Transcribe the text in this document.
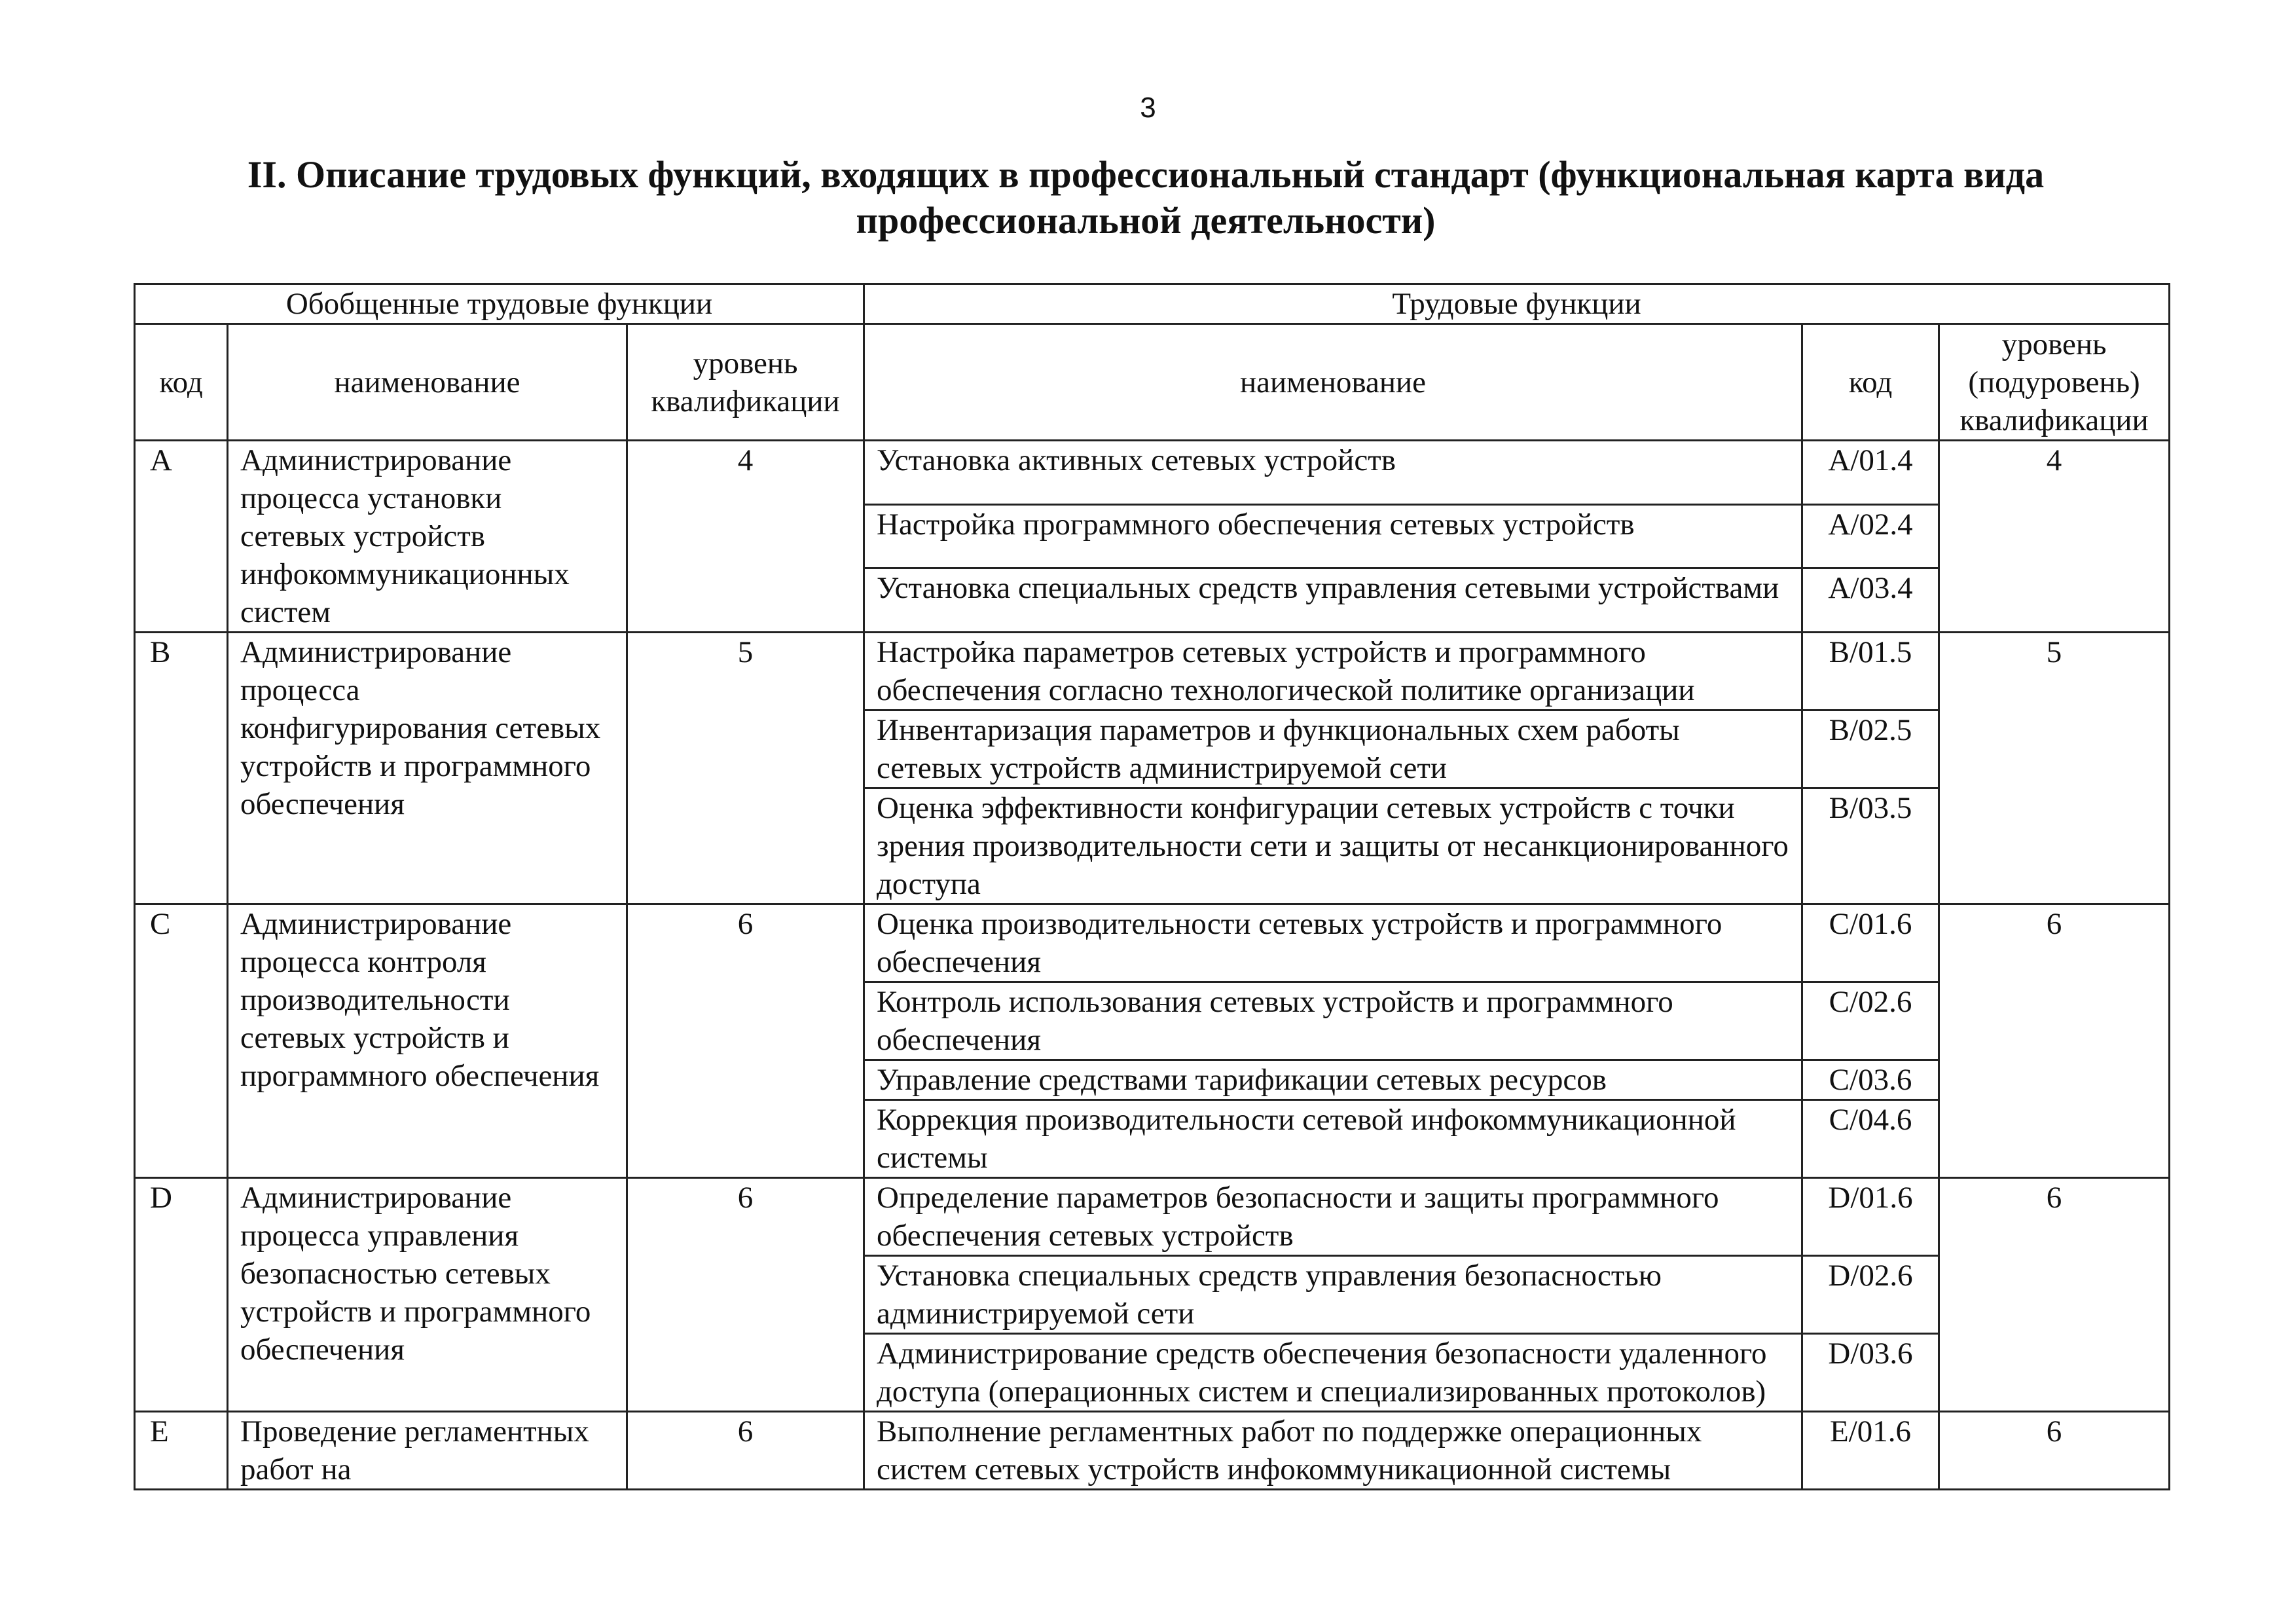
3
II. Описание трудовых функций, входящих в профессиональный стандарт (функциональная карта вида
профессиональной деятельности)
Обобщенные трудовые функции			Трудовые функции		
код	наименование	уровень квалификации	наименование	код	уровень (подуровень) квалификации
A	Администрирование процесса установки сетевых устройств инфокоммуникационных систем	4	Установка активных сетевых устройств	A/01.4	4
			Настройка программного обеспечения сетевых устройств	A/02.4	
			Установка специальных средств управления сетевыми устройствами	A/03.4	
B	Администрирование процесса конфигурирования сетевых устройств и программного обеспечения	5	Настройка параметров сетевых устройств и программного обеспечения согласно технологической политике организации	B/01.5	5
			Инвентаризация параметров и функциональных схем работы сетевых устройств администрируемой сети	B/02.5	
			Оценка эффективности конфигурации сетевых устройств с точки зрения производительности сети и защиты от несанкционированного доступа	B/03.5	
C	Администрирование процесса контроля производительности сетевых устройств и программного обеспечения	6	Оценка производительности сетевых устройств и программного обеспечения	C/01.6	6
			Контроль использования сетевых устройств и программного обеспечения	C/02.6	
			Управление средствами тарификации сетевых ресурсов	C/03.6	
			Коррекция производительности сетевой инфокоммуникационной системы	C/04.6	
D	Администрирование процесса управления безопасностью сетевых устройств и программного обеспечения	6	Определение параметров безопасности и защиты программного обеспечения сетевых устройств	D/01.6	6
			Установка специальных средств управления безопасностью администрируемой сети	D/02.6	
			Администрирование средств обеспечения безопасности удаленного доступа (операционных систем и специализированных протоколов)	D/03.6	
E	Проведение регламентных работ на	6	Выполнение регламентных работ по поддержке операционных систем сетевых устройств инфокоммуникационной системы	E/01.6	6
